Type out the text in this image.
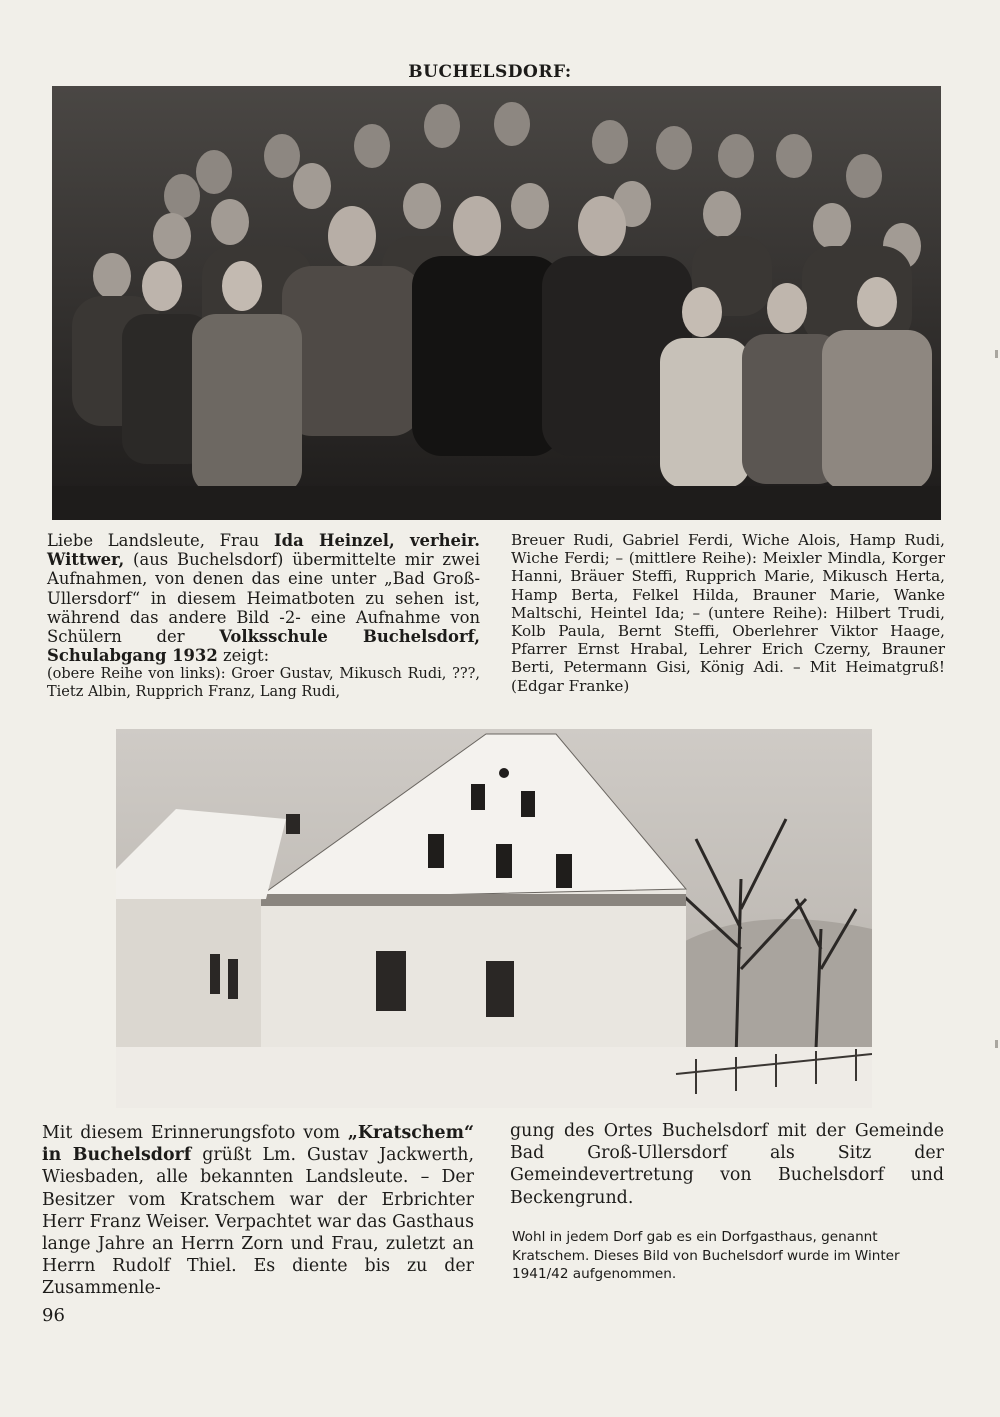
BUCHELSDORF:

Liebe Landsleute, Frau Ida Heinzel, verheir. Wittwer, (aus Buchelsdorf) übermittelte mir zwei Aufnahmen, von denen das eine unter „Bad Groß-Ullersdorf“ in diesem Heimatboten zu sehen ist, während das andere Bild -2- eine Aufnahme von Schülern der Volksschule Buchelsdorf, Schulabgang 1932 zeigt:

(obere Reihe von links): Groer Gustav, Mikusch Rudi, ???, Tietz Albin, Rupprich Franz, Lang Rudi,

Breuer Rudi, Gabriel Ferdi, Wiche Alois, Hamp Rudi, Wiche Ferdi; – (mittlere Reihe): Meixler Mindla, Korger Hanni, Bräuer Steffi, Rupprich Marie, Mikusch Herta, Hamp Berta, Felkel Hilda, Brauner Marie, Wanke Maltschi, Heintel Ida; – (untere Reihe): Hilbert Trudi, Kolb Paula, Bernt Steffi, Oberlehrer Viktor Haage, Pfarrer Ernst Hrabal, Lehrer Erich Czerny, Brauner Berti, Petermann Gisi, König Adi. – Mit Heimatgruß! (Edgar Franke)

Mit diesem Erinnerungsfoto vom „Kratschem“ in Buchelsdorf grüßt Lm. Gustav Jackwerth, Wiesbaden, alle bekannten Landsleute. – Der Besitzer vom Kratschem war der Erbrichter Herr Franz Weiser. Verpachtet war das Gasthaus lange Jahre an Herrn Zorn und Frau, zuletzt an Herrn Rudolf Thiel. Es diente bis zu der Zusammenle-

gung des Ortes Buchelsdorf mit der Gemeinde Bad Groß-Ullersdorf als Sitz der Gemeindevertretung von Buchelsdorf und Beckengrund.

Wohl in jedem Dorf gab es ein Dorfgasthaus, genannt Kratschem. Dieses Bild von Buchelsdorf wurde im Winter 1941/42 aufgenommen.
96
